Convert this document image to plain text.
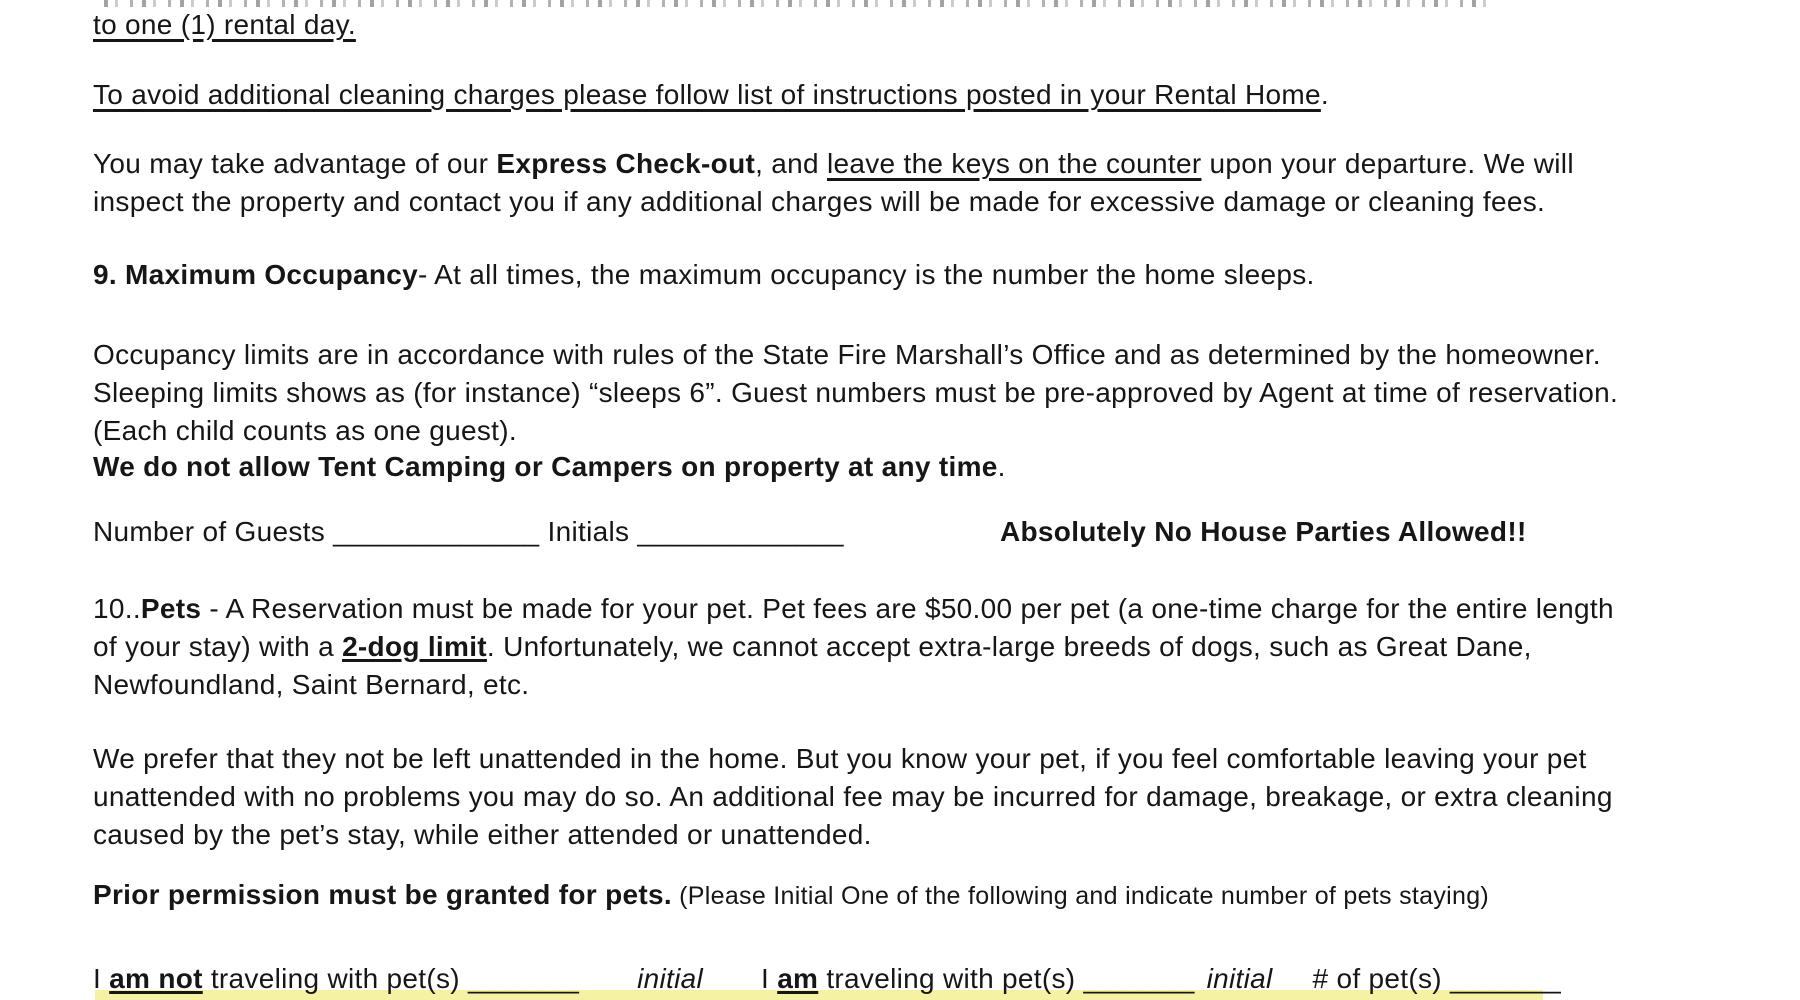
to one (1) rental day.
To avoid additional cleaning charges please follow list of instructions posted in your Rental Home.
You may take advantage of our Express Check-out, and leave the keys on the counter upon your departure. We will
inspect the property and contact you if any additional charges will be made for excessive damage or cleaning fees.
9. Maximum Occupancy- At all times, the maximum occupancy is the number the home sleeps.
Occupancy limits are in accordance with rules of the State Fire Marshall’s Office and as determined by the homeowner.
Sleeping limits shows as (for instance) “sleeps 6”. Guest numbers must be pre-approved by Agent at time of reservation.
(Each child counts as one guest).
We do not allow Tent Camping or Campers on property at any time.
Number of Guests _____________ Initials _____________	Absolutely No House Parties Allowed!!
10..Pets - A Reservation must be made for your pet. Pet fees are $50.00 per pet (a one-time charge for the entire length
of your stay) with a 2-dog limit. Unfortunately, we cannot accept extra-large breeds of dogs, such as Great Dane,
Newfoundland, Saint Bernard, etc.
We prefer that they not be left unattended in the home. But you know your pet, if you feel comfortable leaving your pet
unattended with no problems you may do so. An additional fee may be incurred for damage, breakage, or extra cleaning
caused by the pet’s stay, while either attended or unattended.
Prior permission must be granted for pets. (Please Initial One of the following and indicate number of pets staying)
I am not traveling with pet(s) _______ initial I am traveling with pet(s) _______ initial # of pet(s) _______
